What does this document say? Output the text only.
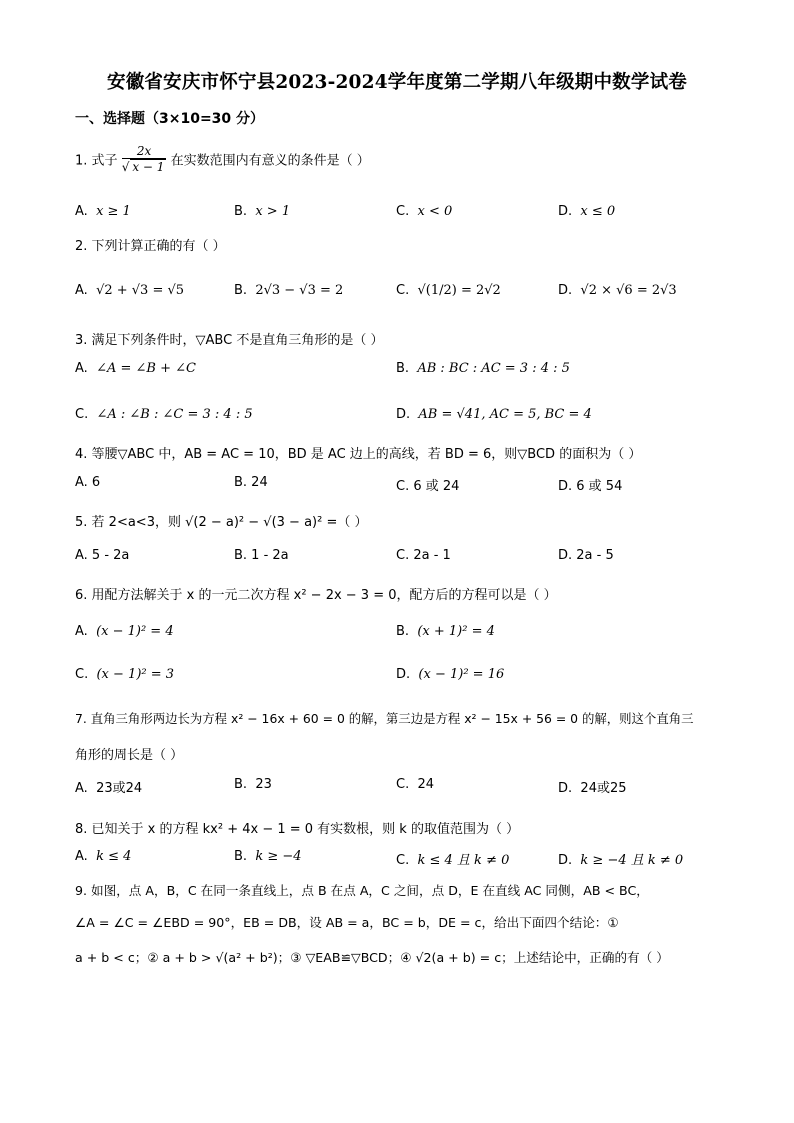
安徽省安庆市怀宁县2023-2024学年度第二学期八年级期中数学试卷
一、选择题（3×10=30 分）
1. 式子 $\frac{2x}{√ x - 1}$ 在实数范围内有意义的条件是（ ）
A. x ≥ 1	B. x > 1	C. x < 0	D. x ≤ 0
2. 下列计算正确的有（ ）
A. √2 + √3 = √5	B. 2√3 − √3 = 2	C. √(1/2) = 2√2	D. √2 × √6 = 2√3
3. 满足下列条件时，▽ABC 不是直角三角形的是（ ）
A. ∠A = ∠B + ∠C	B. AB : BC : AC = 3 : 4 : 5
C. ∠A : ∠B : ∠C = 3 : 4 : 5	D. AB = √41, AC = 5, BC = 4
4. 等腰▽ABC 中，AB = AC = 10，BD 是 AC 边上的高线，若 BD = 6，则▽BCD 的面积为（ ）
A. 6	B. 24	C. 6 或 24	D. 6 或 54
5. 若 2<a<3，则 √(2 − a)² − √(3 − a)² =（ ）
A. 5 - 2a	B. 1 - 2a	C. 2a - 1	D. 2a - 5
6. 用配方法解关于 x 的一元二次方程 x² − 2x − 3 = 0，配方后的方程可以是（ ）
A. (x − 1)² = 4	B. (x + 1)² = 4
C. (x − 1)² = 3	D. (x − 1)² = 16
7. 直角三角形两边长为方程 x² − 16x + 60 = 0 的解，第三边是方程 x² − 15x + 56 = 0 的解，则这个直角三
角形的周长是（ ）
A. 23或24	B. 23	C. 24	D. 24或25
8. 已知关于 x 的方程 kx² + 4x − 1 = 0 有实数根，则 k 的取值范围为（ ）
A. k ≤ 4	B. k ≥ −4	C. k ≤ 4 且 k ≠ 0	D. k ≥ −4 且 k ≠ 0
9. 如图，点 A，B，C 在同一条直线上，点 B 在点 A，C 之间，点 D，E 在直线 AC 同侧，AB < BC，
∠A = ∠C = ∠EBD = 90°，EB = DB，设 AB = a，BC = b，DE = c，给出下面四个结论：①
a + b < c；② a + b > √(a² + b²)；③ ▽EAB≌▽BCD；④ √2(a + b) = c；上述结论中，正确的有（ ）
